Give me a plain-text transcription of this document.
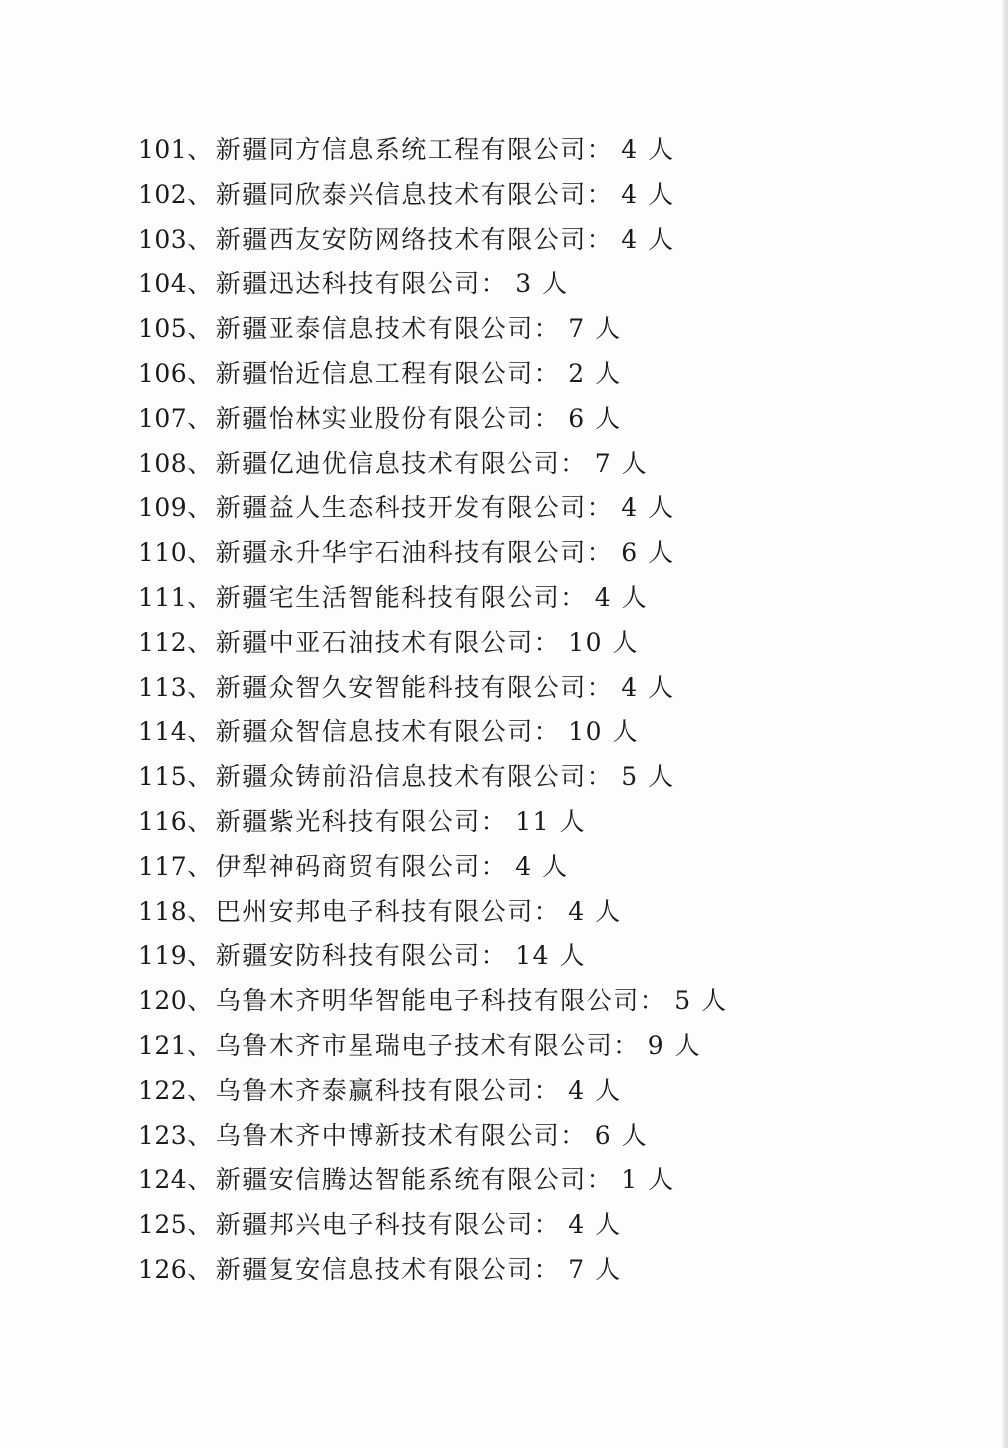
101、新疆同方信息系统工程有限公司： 4 人
102、新疆同欣泰兴信息技术有限公司： 4 人
103、新疆西友安防网络技术有限公司： 4 人
104、新疆迅达科技有限公司： 3 人
105、新疆亚泰信息技术有限公司： 7 人
106、新疆怡近信息工程有限公司： 2 人
107、新疆怡林实业股份有限公司： 6 人
108、新疆亿迪优信息技术有限公司： 7 人
109、新疆益人生态科技开发有限公司： 4 人
110、新疆永升华宇石油科技有限公司： 6 人
111、新疆宅生活智能科技有限公司： 4 人
112、新疆中亚石油技术有限公司： 10 人
113、新疆众智久安智能科技有限公司： 4 人
114、新疆众智信息技术有限公司： 10 人
115、新疆众铸前沿信息技术有限公司： 5 人
116、新疆紫光科技有限公司： 11 人
117、伊犁神码商贸有限公司： 4 人
118、巴州安邦电子科技有限公司： 4 人
119、新疆安防科技有限公司： 14 人
120、乌鲁木齐明华智能电子科技有限公司： 5 人
121、乌鲁木齐市星瑞电子技术有限公司： 9 人
122、乌鲁木齐泰赢科技有限公司： 4 人
123、乌鲁木齐中博新技术有限公司： 6 人
124、新疆安信腾达智能系统有限公司： 1 人
125、新疆邦兴电子科技有限公司： 4 人
126、新疆复安信息技术有限公司： 7 人
